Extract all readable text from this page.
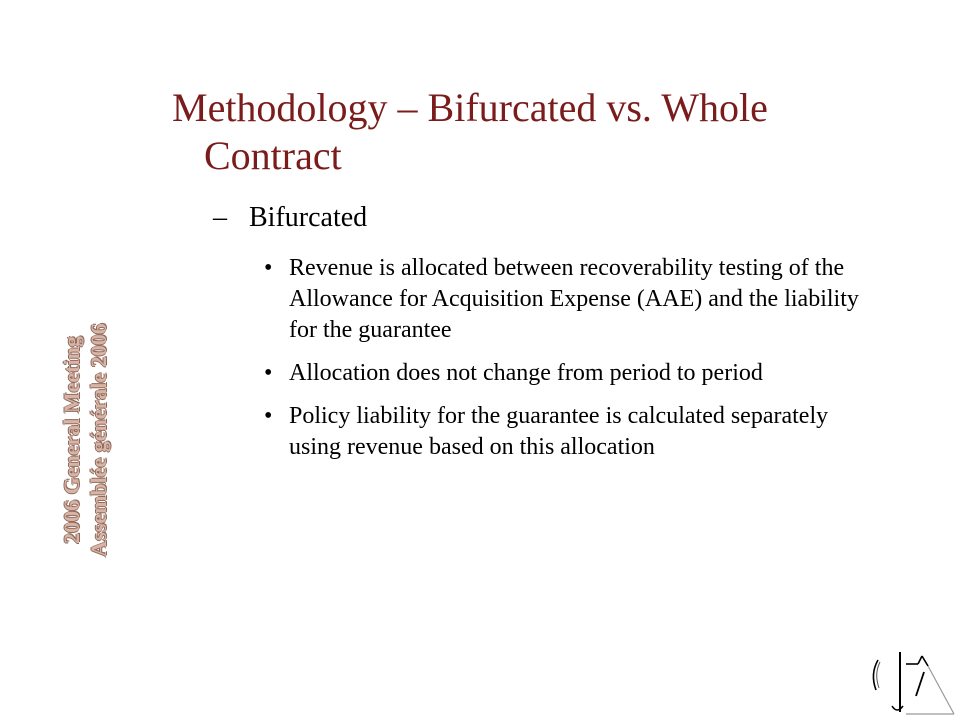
2006 General Meeting Assemblée générale 2006
Methodology – Bifurcated vs. Whole Contract
– Bifurcated
• Revenue is allocated between recoverability testing of the Allowance for Acquisition Expense (AAE) and the liability for the guarantee
• Allocation does not change from period to period
• Policy liability for the guarantee is calculated separately using revenue based on this allocation
